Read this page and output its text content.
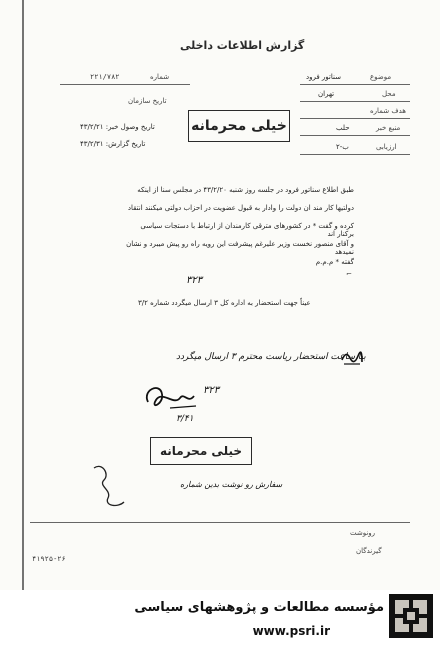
گزارش اطلاعات داخلی
۲۲۱/۷۸۲	شماره
تاریخ سازمان
تاریخ وصول خبر: ۴۳/۲/۲۱
تاریخ گزارش: ۴۳/۲/۳۱
موضوع
سناتور فرود
محل
تهران
هدف شماره
منبع خبر
حلب
ارزیابی
ب-۲
خیلی محرمانه
طبق اطلاع سناتور فرود در جلسه روز شنبه ۴۳/۲/۲۰ در مجلس سنا از اینکه
دولتیها کار مند ان دولت را وادار به قبول عضویت در احزاب دولتی میکنند انتقاد
کرده و گفت * در کشورهای مترقی کارمندان از ارتباط با دستجات سیاسی برکنار اند
و آقای منصور نخست وزیر علیرغم پیشرفت این رویه راه رو پیش میبرد و نشان نمیدهد
گفته * م.م.م
⌐
۳۲۳
عیناً جهت استحضار به اداره کل ۳ ارسال میگردد شماره ۳/۲
بیا ساعت استحضار ریاست محترم ۳ ارسال میگردد
۳۲۳
۳/۴۱
خیلی محرمانه
سفارش رو نوشت بدین شماره
رونوشت
گیرندگان
۴۱۹۲۵-۲۶
مؤسسه مطالعات و پژوهشهای سیاسی
www.psri.ir
